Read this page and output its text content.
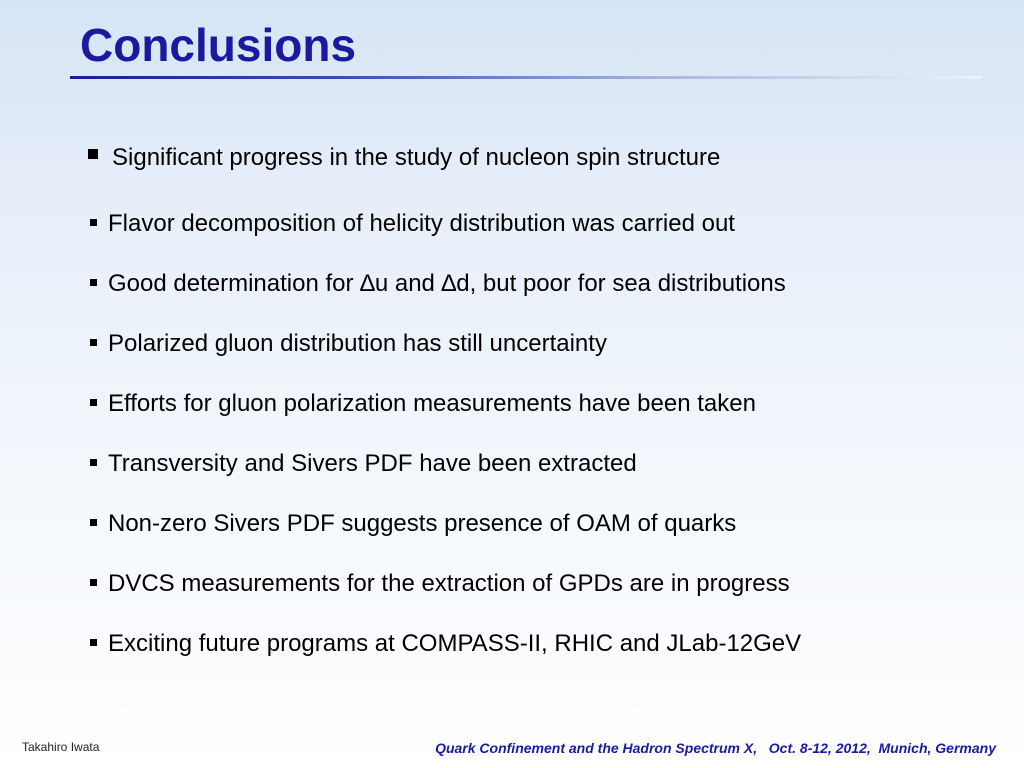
Conclusions
Significant progress in the study of nucleon spin structure
Flavor decomposition of helicity distribution was carried out
Good determination for ∆u and ∆d, but poor for sea distributions
Polarized gluon distribution has still uncertainty
Efforts for gluon polarization measurements have been taken
Transversity and Sivers PDF have been extracted
Non-zero Sivers PDF suggests presence of OAM of quarks
DVCS measurements for the extraction of GPDs are in progress
Exciting future programs at COMPASS-II, RHIC and JLab-12GeV
Takahiro Iwata	Quark Confinement and the Hadron Spectrum X,   Oct. 8-12, 2012,  Munich, Germany
